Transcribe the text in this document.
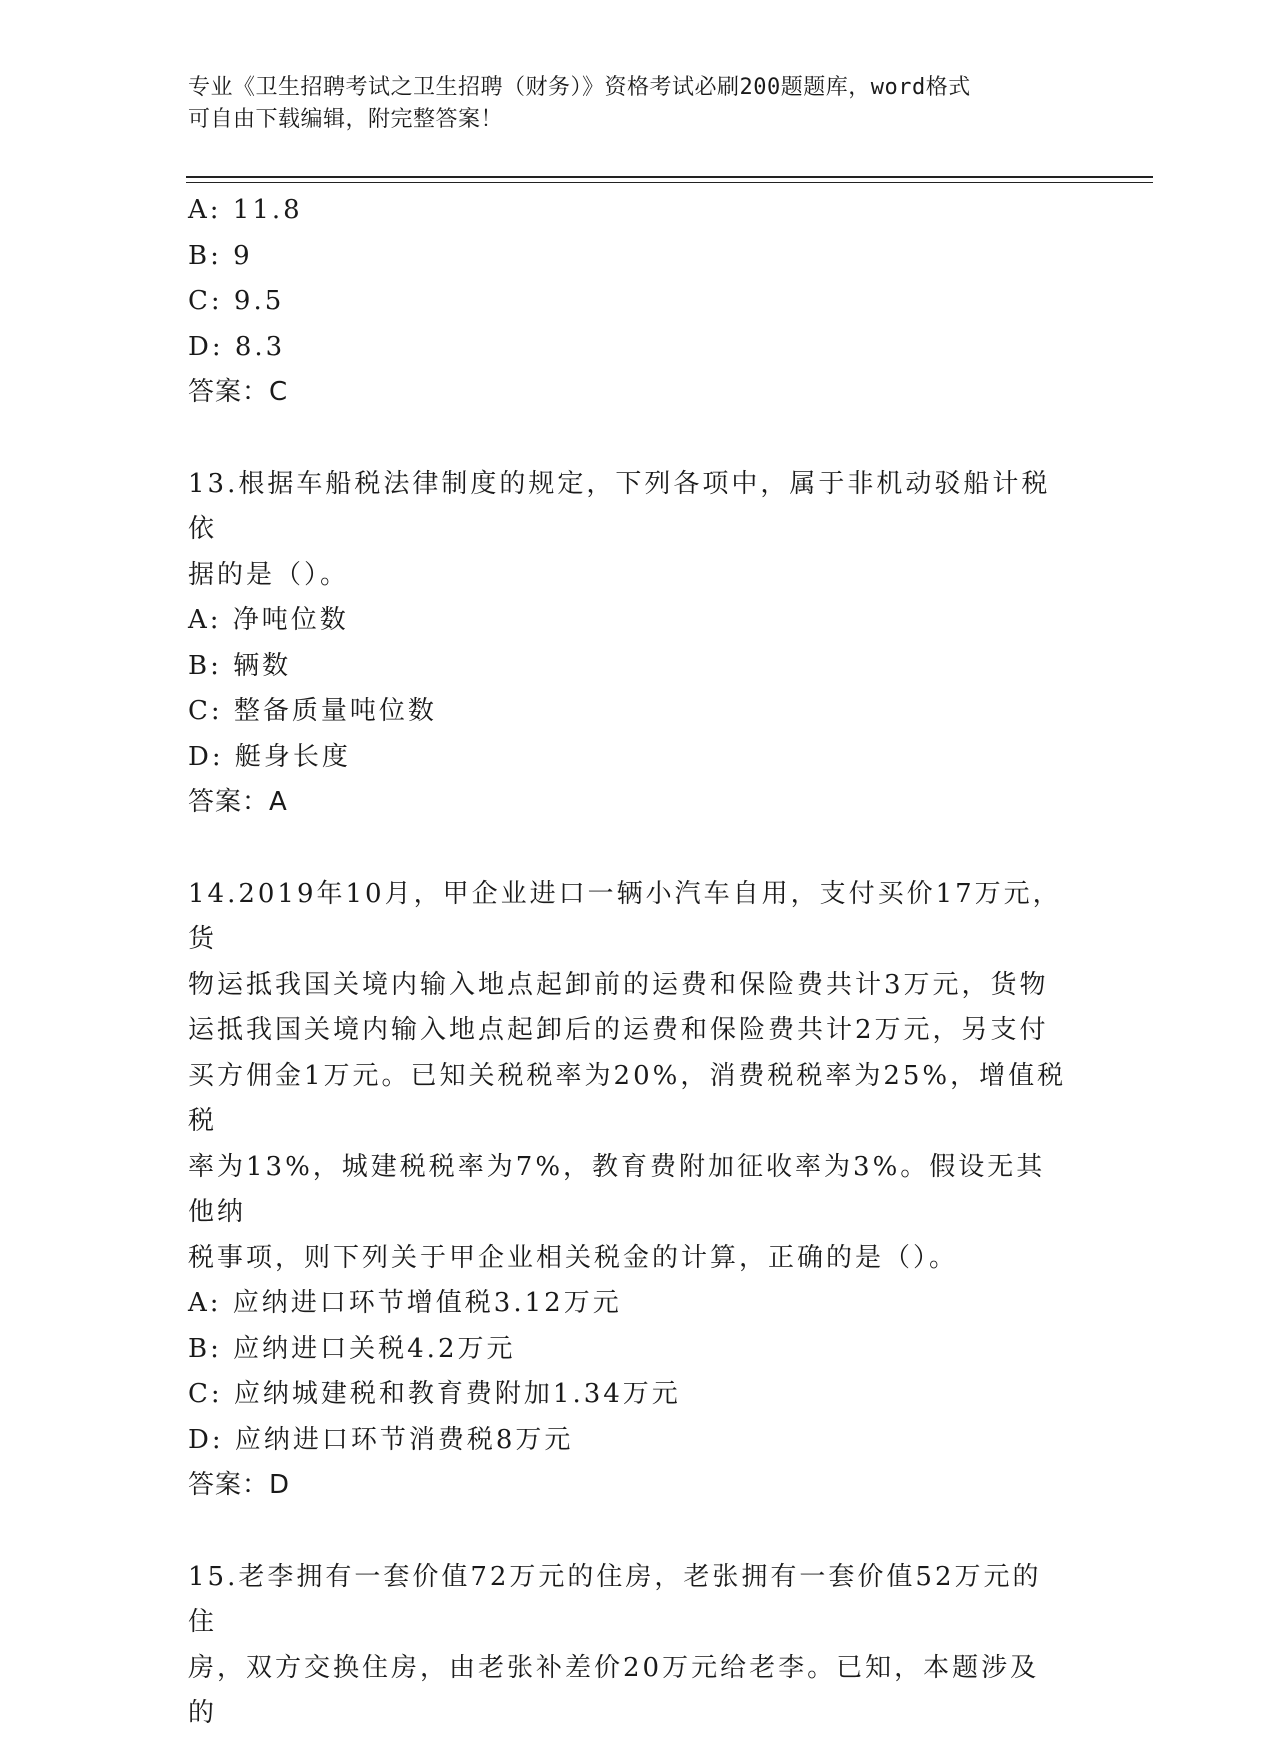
专业《卫生招聘考试之卫生招聘（财务）》资格考试必刷200题题库，word格式
可自由下载编辑，附完整答案！
A: 11.8
B: 9
C: 9.5
D: 8.3
答案：C
13.根据车船税法律制度的规定，下列各项中，属于非机动驳船计税依
据的是（）。
A: 净吨位数
B: 辆数
C: 整备质量吨位数
D: 艇身长度
答案：A
14.2019年10月，甲企业进口一辆小汽车自用，支付买价17万元，货
物运抵我国关境内输入地点起卸前的运费和保险费共计3万元，货物
运抵我国关境内输入地点起卸后的运费和保险费共计2万元，另支付
买方佣金1万元。已知关税税率为20%，消费税税率为25%，增值税税
率为13%，城建税税率为7%，教育费附加征收率为3%。假设无其他纳
税事项，则下列关于甲企业相关税金的计算，正确的是（）。
A: 应纳进口环节增值税3.12万元
B: 应纳进口关税4.2万元
C: 应纳城建税和教育费附加1.34万元
D: 应纳进口环节消费税8万元
答案：D
15.老李拥有一套价值72万元的住房，老张拥有一套价值52万元的住
房，双方交换住房，由老张补差价20万元给老李。已知，本题涉及的
